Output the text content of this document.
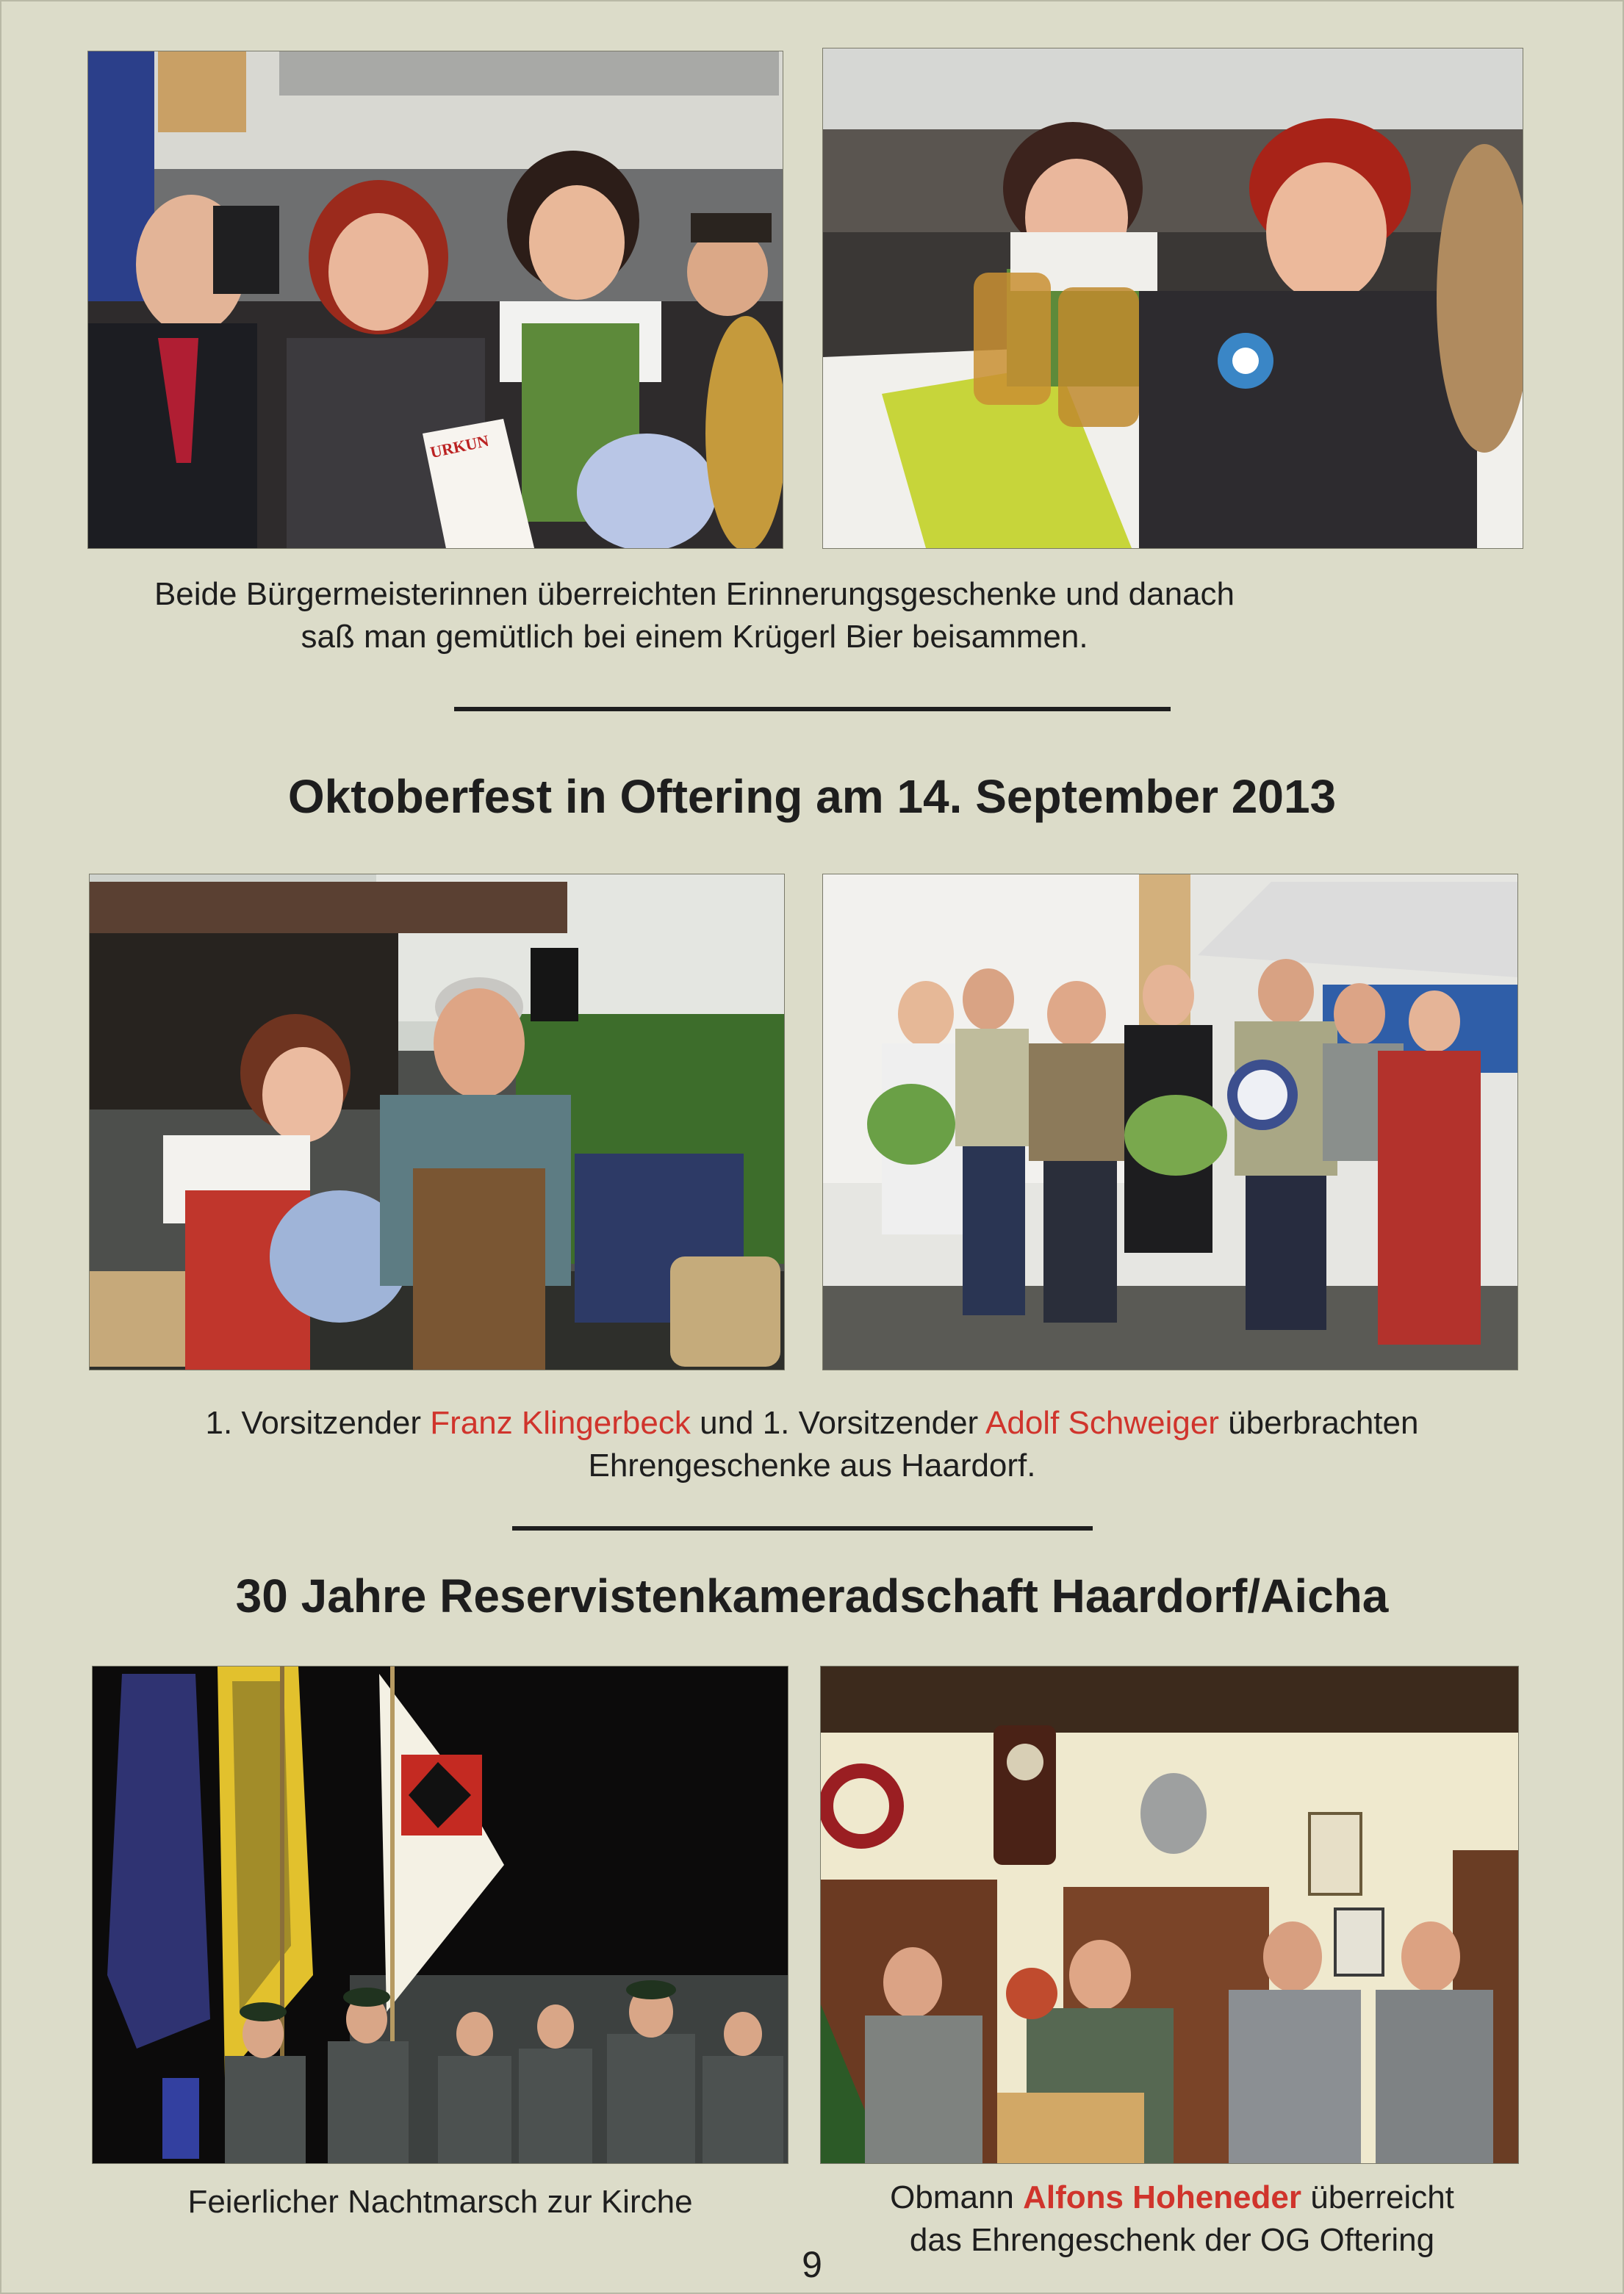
URKUN
Beide Bürgermeisterinnen überreichten Erinnerungsgeschenke und danach
saß man gemütlich bei einem Krügerl Bier beisammen.
Oktoberfest in Oftering am 14. September 2013
1. Vorsitzender Franz Klingerbeck und 1. Vorsitzender Adolf Schweiger überbrachten
Ehrengeschenke aus Haardorf.
30 Jahre Reservistenkameradschaft Haardorf/Aicha
Feierlicher Nachtmarsch zur Kirche	Obmann Alfons Hoheneder überreicht
das Ehrengeschenk der OG Oftering
9
